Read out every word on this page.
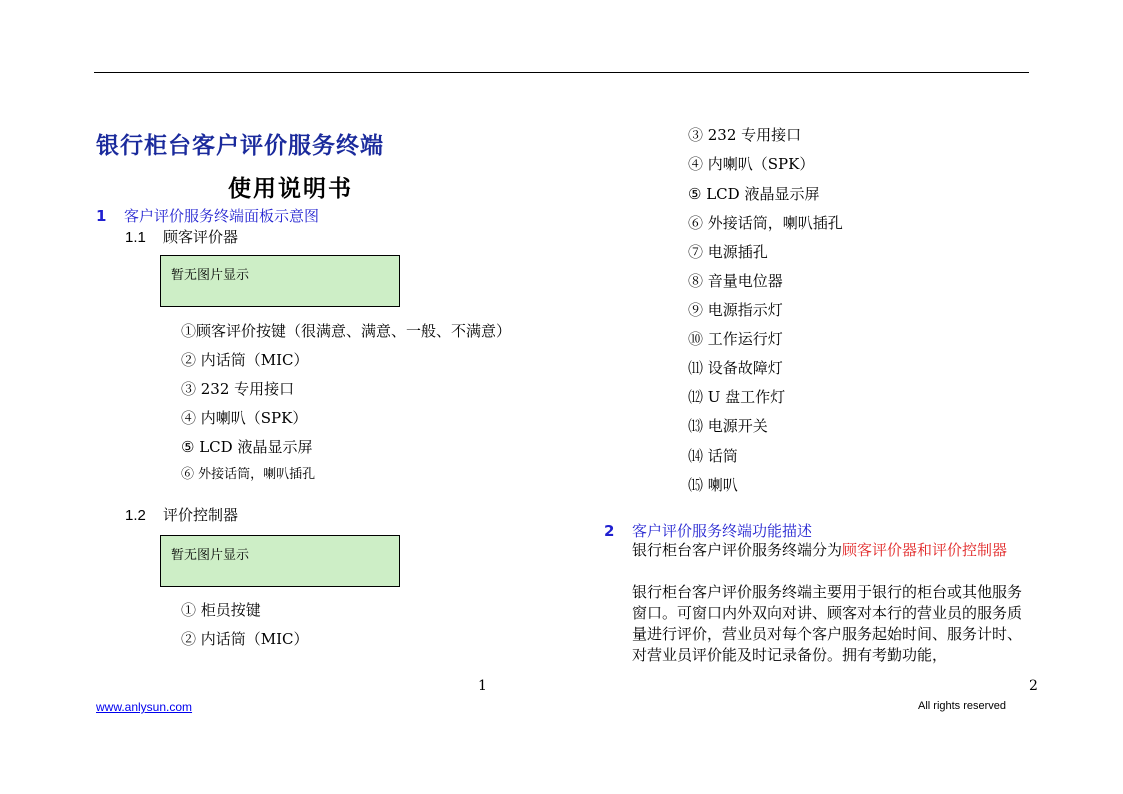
银行柜台客户评价服务终端
使用说明书
1 客户评价服务终端面板示意图
1.1 顾客评价器
暂无图片显示
①顾客评价按键（很满意、满意、一般、不满意）
② 内话筒（MIC）
③ 232 专用接口
④ 内喇叭（SPK）
⑤ LCD 液晶显示屏
⑥ 外接话筒，喇叭插孔
1.2 评价控制器
暂无图片显示
① 柜员按键
② 内话筒（MIC）
③ 232 专用接口
④ 内喇叭（SPK）
⑤ LCD 液晶显示屏
⑥ 外接话筒，喇叭插孔
⑦ 电源插孔
⑧ 音量电位器
⑨ 电源指示灯
⑩ 工作运行灯
⑾ 设备故障灯
⑿ U 盘工作灯
⒀ 电源开关
⒁ 话筒
⒂ 喇叭
2 客户评价服务终端功能描述
银行柜台客户评价服务终端分为顾客评价器和评价控制器
银行柜台客户评价服务终端主要用于银行的柜台或其他服务窗口。可窗口内外双向对讲、顾客对本行的营业员的服务质量进行评价，营业员对每个客户服务起始时间、服务计时、对营业员评价能及时记录备份。拥有考勤功能，
1	2
www.anlysun.com	All rights reserved
